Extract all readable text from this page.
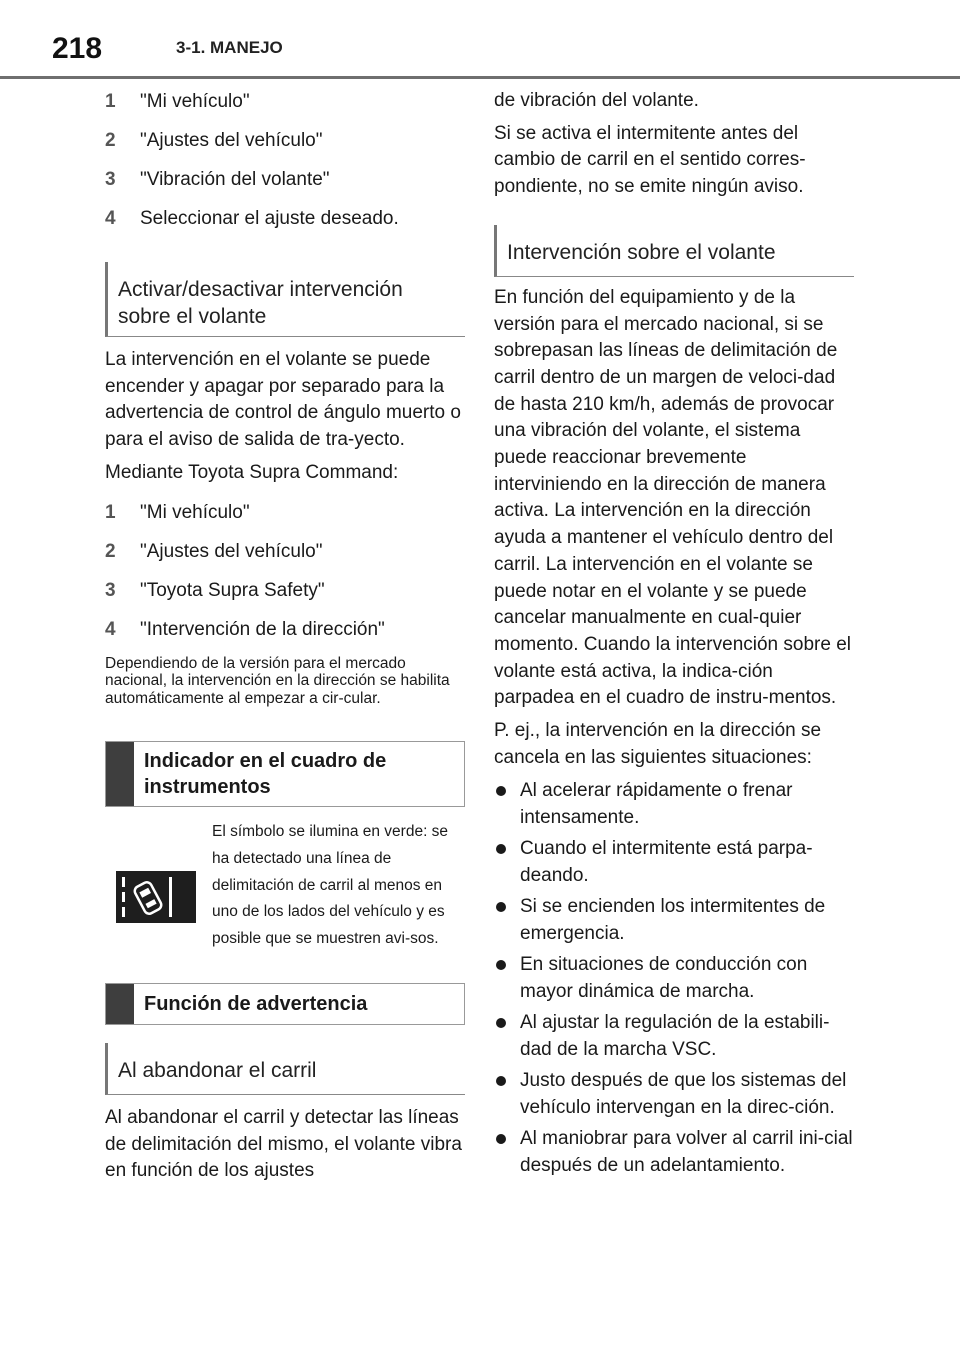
218	3-1. MANEJO
1	"Mi vehículo"
2	"Ajustes del vehículo"
3	"Vibración del volante"
4	Seleccionar el ajuste deseado.
Activar/desactivar intervención
sobre el volante

La intervención en el volante se puede encender y apagar por separado para la advertencia de control de ángulo muerto o para el aviso de salida de tra-yecto.

Mediante Toyota Supra Command:

1	"Mi vehículo"
2	"Ajustes del vehículo"
3	"Toyota Supra Safety"
4	"Intervención de la dirección"

Dependiendo de la versión para el mercado nacional, la intervención en la dirección se habilita automáticamente al empezar a cir-cular.

Indicador en el cuadro de
instrumentos
El símbolo se ilumina en verde: se ha detectado una línea de delimitación de carril al menos en uno de los lados del vehículo y es posible que se muestren avi-sos.
Función de advertencia
Al abandonar el carril

Al abandonar el carril y detectar las líneas de delimitación del mismo, el volante vibra en función de los ajustes

de vibración del volante.

Si se activa el intermitente antes del cambio de carril en el sentido corres-pondiente, no se emite ningún aviso.

Intervención sobre el volante

En función del equipamiento y de la versión para el mercado nacional, si se sobrepasan las líneas de delimitación de carril dentro de un margen de veloci-dad de hasta 210 km/h, además de provocar una vibración del volante, el sistema puede reaccionar brevemente interviniendo en la dirección de manera activa. La intervención en la dirección ayuda a mantener el vehículo dentro del carril. La intervención en el volante se puede notar en el volante y se puede cancelar manualmente en cual-quier momento. Cuando la intervención sobre el volante está activa, la indica-ción parpadea en el cuadro de instru-mentos.

P. ej., la intervención en la dirección se cancela en las siguientes situaciones:

Al acelerar rápidamente o frenar intensamente.
Cuando el intermitente está parpa-deando.
Si se encienden los intermitentes de emergencia.
En situaciones de conducción con mayor dinámica de marcha.
Al ajustar la regulación de la estabili-dad de la marcha VSC.
Justo después de que los sistemas del vehículo intervengan en la direc-ción.
Al maniobrar para volver al carril ini-cial después de un adelantamiento.
